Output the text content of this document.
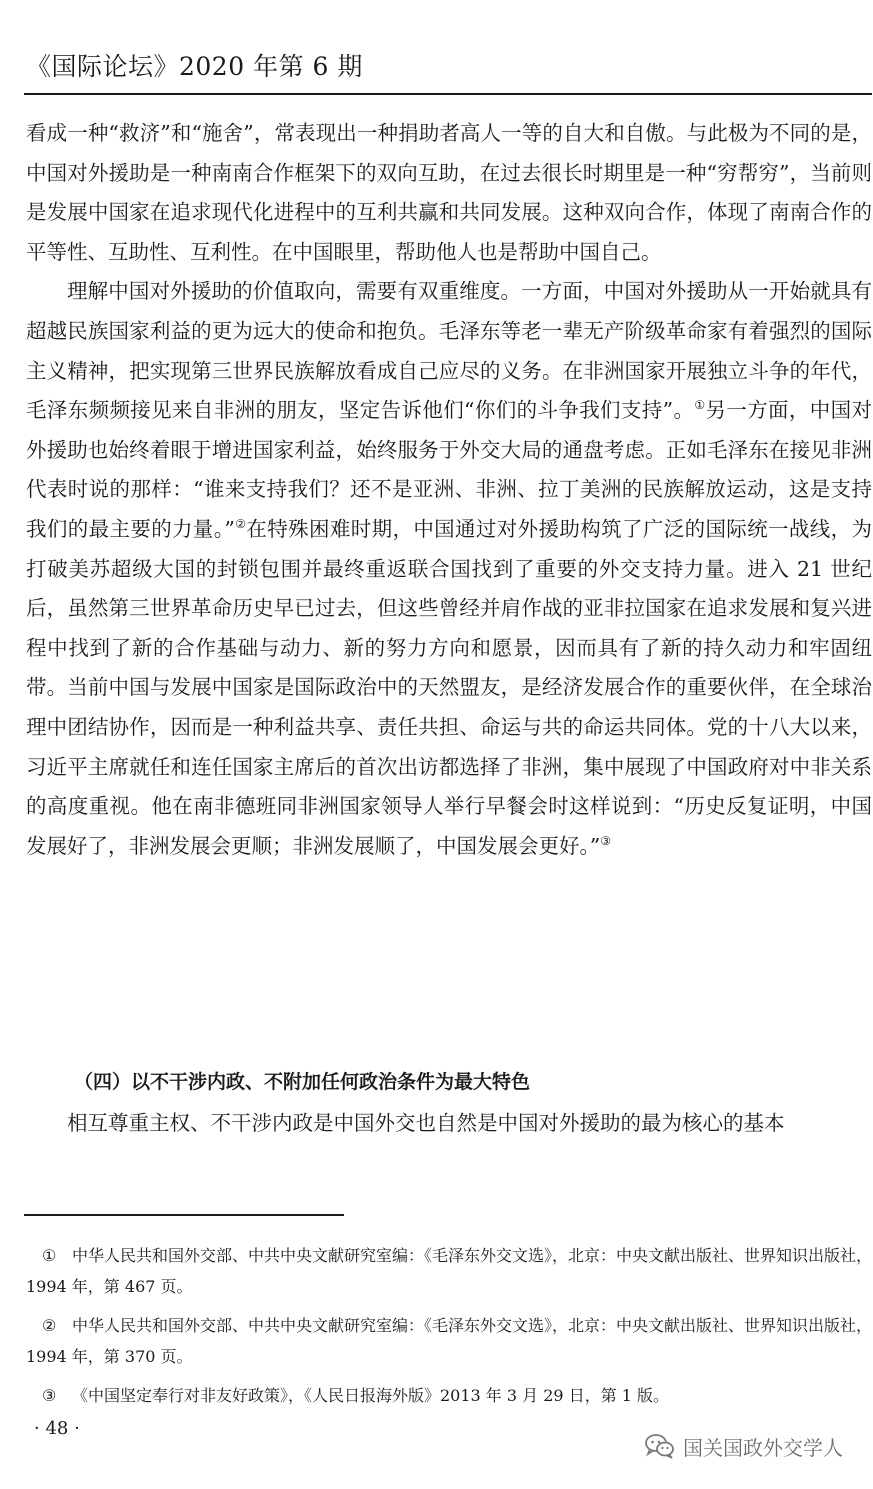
《国际论坛》2020 年第 6 期

看成一种“救济”和“施舍”，常表现出一种捐助者高人一等的自大和自傲。与此极为不同的是，中国对外援助是一种南南合作框架下的双向互助，在过去很长时期里是一种“穷帮穷”，当前则是发展中国家在追求现代化进程中的互利共赢和共同发展。这种双向合作，体现了南南合作的平等性、互助性、互利性。在中国眼里，帮助他人也是帮助中国自己。

理解中国对外援助的价值取向，需要有双重维度。一方面，中国对外援助从一开始就具有超越民族国家利益的更为远大的使命和抱负。毛泽东等老一辈无产阶级革命家有着强烈的国际主义精神，把实现第三世界民族解放看成自己应尽的义务。在非洲国家开展独立斗争的年代，毛泽东频频接见来自非洲的朋友，坚定告诉他们“你们的斗争我们支持”。①另一方面，中国对外援助也始终着眼于增进国家利益，始终服务于外交大局的通盘考虑。正如毛泽东在接见非洲代表时说的那样：“谁来支持我们？还不是亚洲、非洲、拉丁美洲的民族解放运动，这是支持我们的最主要的力量。”②在特殊困难时期，中国通过对外援助构筑了广泛的国际统一战线，为打破美苏超级大国的封锁包围并最终重返联合国找到了重要的外交支持力量。进入 21 世纪后，虽然第三世界革命历史早已过去，但这些曾经并肩作战的亚非拉国家在追求发展和复兴进程中找到了新的合作基础与动力、新的努力方向和愿景，因而具有了新的持久动力和牢固纽带。当前中国与发展中国家是国际政治中的天然盟友，是经济发展合作的重要伙伴，在全球治理中团结协作，因而是一种利益共享、责任共担、命运与共的命运共同体。党的十八大以来，习近平主席就任和连任国家主席后的首次出访都选择了非洲，集中展现了中国政府对中非关系的高度重视。他在南非德班同非洲国家领导人举行早餐会时这样说到：“历史反复证明，中国发展好了，非洲发展会更顺；非洲发展顺了，中国发展会更好。”③

（四）以不干涉内政、不附加任何政治条件为最大特色

相互尊重主权、不干涉内政是中国外交也自然是中国对外援助的最为核心的基本

 ① 中华人民共和国外交部、中共中央文献研究室编：《毛泽东外交文选》，北京：中央文献出版社、世界知识出版社，1994 年，第 467 页。

 ② 中华人民共和国外交部、中共中央文献研究室编：《毛泽东外交文选》，北京：中央文献出版社、世界知识出版社，1994 年，第 370 页。

 ③ 《中国坚定奉行对非友好政策》，《人民日报海外版》2013 年 3 月 29 日，第 1 版。

· 48 ·
国关国政外交学人
